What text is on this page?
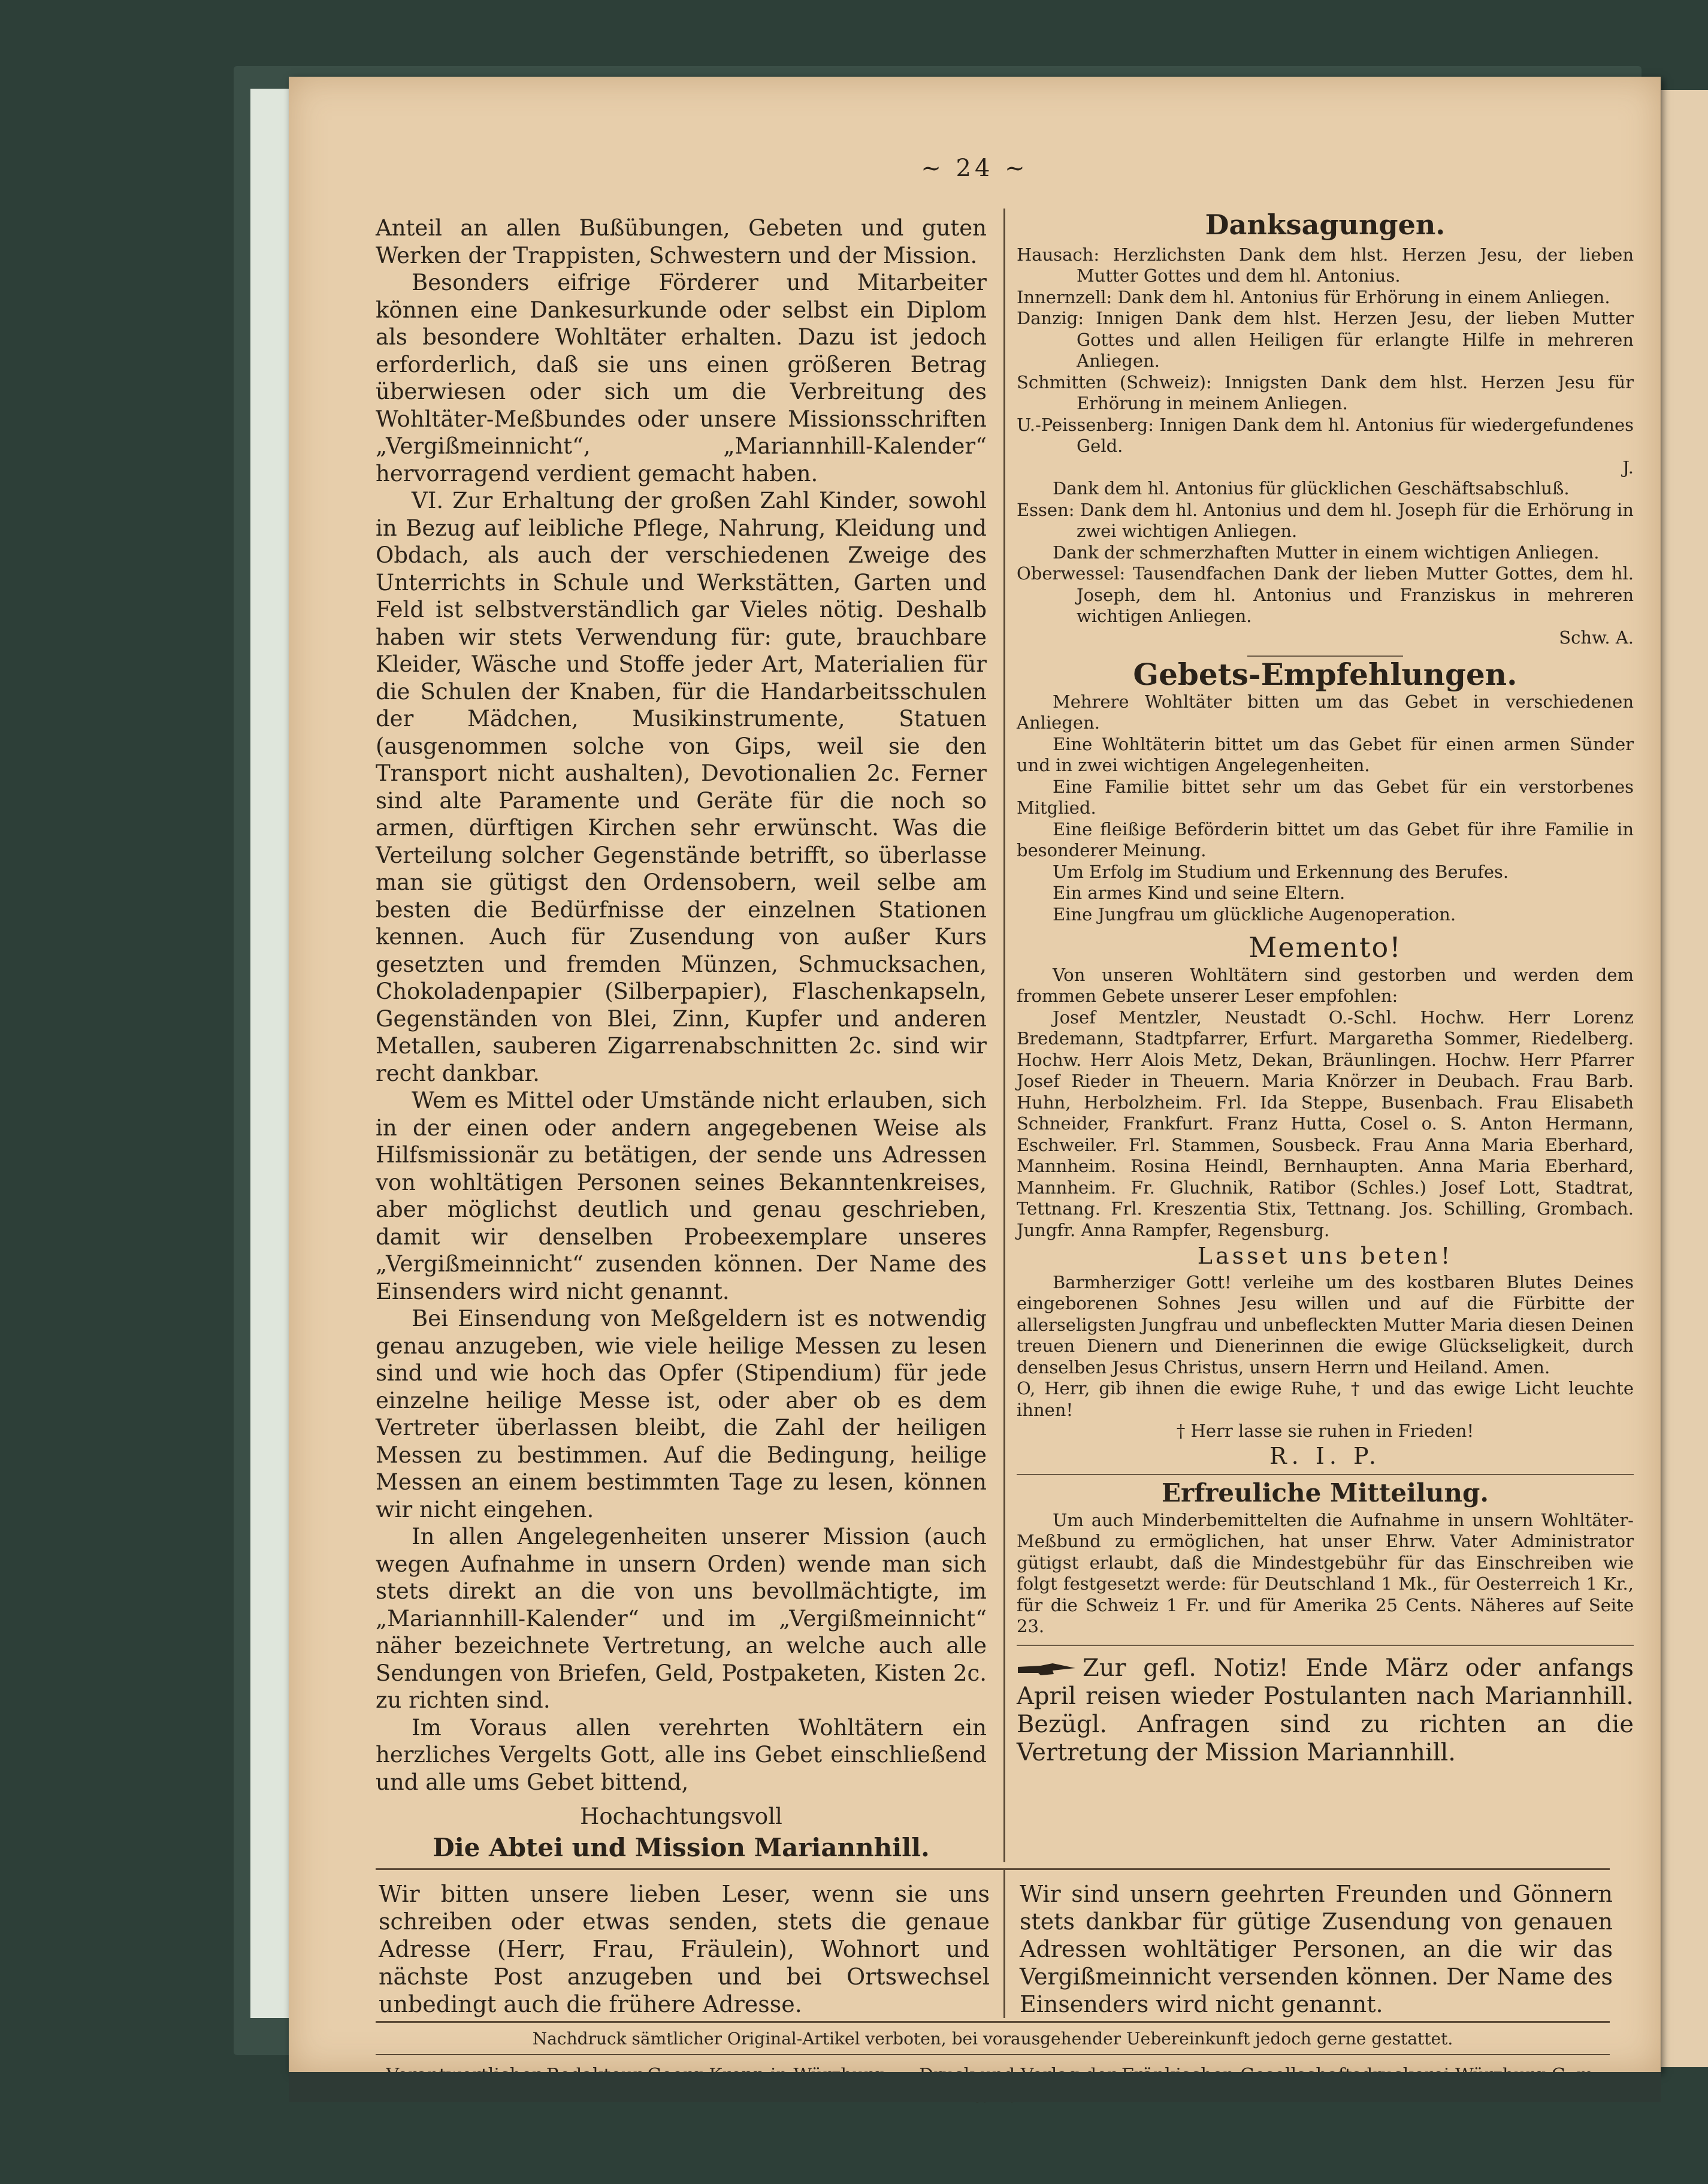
~ 24 ~

Anteil an allen Bußübungen, Gebeten und guten Werken der Trappisten, Schwestern und der Mission.

Besonders eifrige Förderer und Mitarbeiter können eine Dankesurkunde oder selbst ein Diplom als besondere Wohltäter erhalten. Dazu ist jedoch erforderlich, daß sie uns einen größeren Betrag überwiesen oder sich um die Verbreitung des Wohltäter-Meßbundes oder unsere Missionsschriften „Vergißmeinnicht“, „Mariannhill-Kalender“ hervorragend verdient gemacht haben.

VI. Zur Erhaltung der großen Zahl Kinder, sowohl in Bezug auf leibliche Pflege, Nahrung, Kleidung und Obdach, als auch der verschiedenen Zweige des Unterrichts in Schule und Werkstätten, Garten und Feld ist selbstverständlich gar Vieles nötig. Deshalb haben wir stets Verwendung für: gute, brauchbare Kleider, Wäsche und Stoffe jeder Art, Materialien für die Schulen der Knaben, für die Handarbeitsschulen der Mädchen, Musikinstrumente, Statuen (ausgenommen solche von Gips, weil sie den Transport nicht aushalten), Devotionalien 2c. Ferner sind alte Paramente und Geräte für die noch so armen, dürftigen Kirchen sehr erwünscht. Was die Verteilung solcher Gegenstände betrifft, so überlasse man sie gütigst den Ordensobern, weil selbe am besten die Bedürfnisse der einzelnen Stationen kennen. Auch für Zusendung von außer Kurs gesetzten und fremden Münzen, Schmucksachen, Chokoladenpapier (Silberpapier), Flaschenkapseln, Gegenständen von Blei, Zinn, Kupfer und anderen Metallen, sauberen Zigarrenabschnitten 2c. sind wir recht dankbar.

Wem es Mittel oder Umstände nicht erlauben, sich in der einen oder andern angegebenen Weise als Hilfsmissionär zu betätigen, der sende uns Adressen von wohltätigen Personen seines Bekanntenkreises, aber möglichst deutlich und genau geschrieben, damit wir denselben Probeexemplare unseres „Vergißmeinnicht“ zusenden können. Der Name des Einsenders wird nicht genannt.

Bei Einsendung von Meßgeldern ist es notwendig genau anzugeben, wie viele heilige Messen zu lesen sind und wie hoch das Opfer (Stipendium) für jede einzelne heilige Messe ist, oder aber ob es dem Vertreter überlassen bleibt, die Zahl der heiligen Messen zu bestimmen. Auf die Bedingung, heilige Messen an einem bestimmten Tage zu lesen, können wir nicht eingehen.

In allen Angelegenheiten unserer Mission (auch wegen Aufnahme in unsern Orden) wende man sich stets direkt an die von uns bevollmächtigte, im „Mariannhill-Kalender“ und im „Vergißmeinnicht“ näher bezeichnete Vertretung, an welche auch alle Sendungen von Briefen, Geld, Postpaketen, Kisten 2c. zu richten sind.

Im Voraus allen verehrten Wohltätern ein herzliches Vergelts Gott, alle ins Gebet einschließend und alle ums Gebet bittend,

Hochachtungsvoll
Die Abtei und Mission Mariannhill.
Danksagungen.

Hausach: Herzlichsten Dank dem hlst. Herzen Jesu, der lieben Mutter Gottes und dem hl. Antonius.

Innernzell: Dank dem hl. Antonius für Erhörung in einem Anliegen.

Danzig: Innigen Dank dem hlst. Herzen Jesu, der lieben Mutter Gottes und allen Heiligen für erlangte Hilfe in mehreren Anliegen.

Schmitten (Schweiz): Innigsten Dank dem hlst. Herzen Jesu für Erhörung in meinem Anliegen.

U.-Peissenberg: Innigen Dank dem hl. Antonius für wiedergefundenes Geld.

J.

Dank dem hl. Antonius für glücklichen Geschäftsabschluß.

Essen: Dank dem hl. Antonius und dem hl. Joseph für die Erhörung in zwei wichtigen Anliegen.

Dank der schmerzhaften Mutter in einem wichtigen Anliegen.

Oberwessel: Tausendfachen Dank der lieben Mutter Gottes, dem hl. Joseph, dem hl. Antonius und Franziskus in mehreren wichtigen Anliegen.

Schw. A.

Gebets-Empfehlungen.

Mehrere Wohltäter bitten um das Gebet in verschiedenen Anliegen.

Eine Wohltäterin bittet um das Gebet für einen armen Sünder und in zwei wichtigen Angelegenheiten.

Eine Familie bittet sehr um das Gebet für ein verstorbenes Mitglied.

Eine fleißige Beförderin bittet um das Gebet für ihre Familie in besonderer Meinung.

Um Erfolg im Studium und Erkennung des Berufes.

Ein armes Kind und seine Eltern.

Eine Jungfrau um glückliche Augenoperation.

Memento!

Von unseren Wohltätern sind gestorben und werden dem frommen Gebete unserer Leser empfohlen:

Josef Mentzler, Neustadt O.-Schl. Hochw. Herr Lorenz Bredemann, Stadtpfarrer, Erfurt. Margaretha Sommer, Riedelberg. Hochw. Herr Alois Metz, Dekan, Bräunlingen. Hochw. Herr Pfarrer Josef Rieder in Theuern. Maria Knörzer in Deubach. Frau Barb. Huhn, Herbolzheim. Frl. Ida Steppe, Busenbach. Frau Elisabeth Schneider, Frankfurt. Franz Hutta, Cosel o. S. Anton Hermann, Eschweiler. Frl. Stammen, Sousbeck. Frau Anna Maria Eberhard, Mannheim. Rosina Heindl, Bernhaupten. Anna Maria Eberhard, Mannheim. Fr. Gluchnik, Ratibor (Schles.) Josef Lott, Stadtrat, Tettnang. Frl. Kreszentia Stix, Tettnang. Jos. Schilling, Grombach. Jungfr. Anna Rampfer, Regensburg.

Lasset uns beten!

Barmherziger Gott! verleihe um des kostbaren Blutes Deines eingeborenen Sohnes Jesu willen und auf die Fürbitte der allerseligsten Jungfrau und unbefleckten Mutter Maria diesen Deinen treuen Dienern und Dienerinnen die ewige Glückseligkeit, durch denselben Jesus Christus, unsern Herrn und Heiland. Amen.

O, Herr, gib ihnen die ewige Ruhe, † und das ewige Licht leuchte ihnen!

† Herr lasse sie ruhen in Frieden!

R. I. P.
Erfreuliche Mitteilung.

Um auch Minderbemittelten die Aufnahme in unsern Wohltäter-Meßbund zu ermöglichen, hat unser Ehrw. Vater Administrator gütigst erlaubt, daß die Mindestgebühr für das Einschreiben wie folgt festgesetzt werde: für Deutschland 1 Mk., für Oesterreich 1 Kr., für die Schweiz 1 Fr. und für Amerika 25 Cents. Näheres auf Seite 23.

Zur gefl. Notiz! Ende März oder anfangs April reisen wieder Postulanten nach Mariannhill. Bezügl. Anfragen sind zu richten an die Vertretung der Mission Mariannhill.
Wir bitten unsere lieben Leser, wenn sie uns schreiben oder etwas senden, stets die genaue Adresse (Herr, Frau, Fräulein), Wohnort und nächste Post anzugeben und bei Ortswechsel unbedingt auch die frühere Adresse.
Wir sind unsern geehrten Freunden und Gönnern stets dankbar für gütige Zusendung von genauen Adressen wohltätiger Personen, an die wir das Vergißmeinnicht versenden können. Der Name des Einsenders wird nicht genannt.
Nachdruck sämtlicher Original-Artikel verboten, bei vorausgehender Uebereinkunft jedoch gerne gestattet.
